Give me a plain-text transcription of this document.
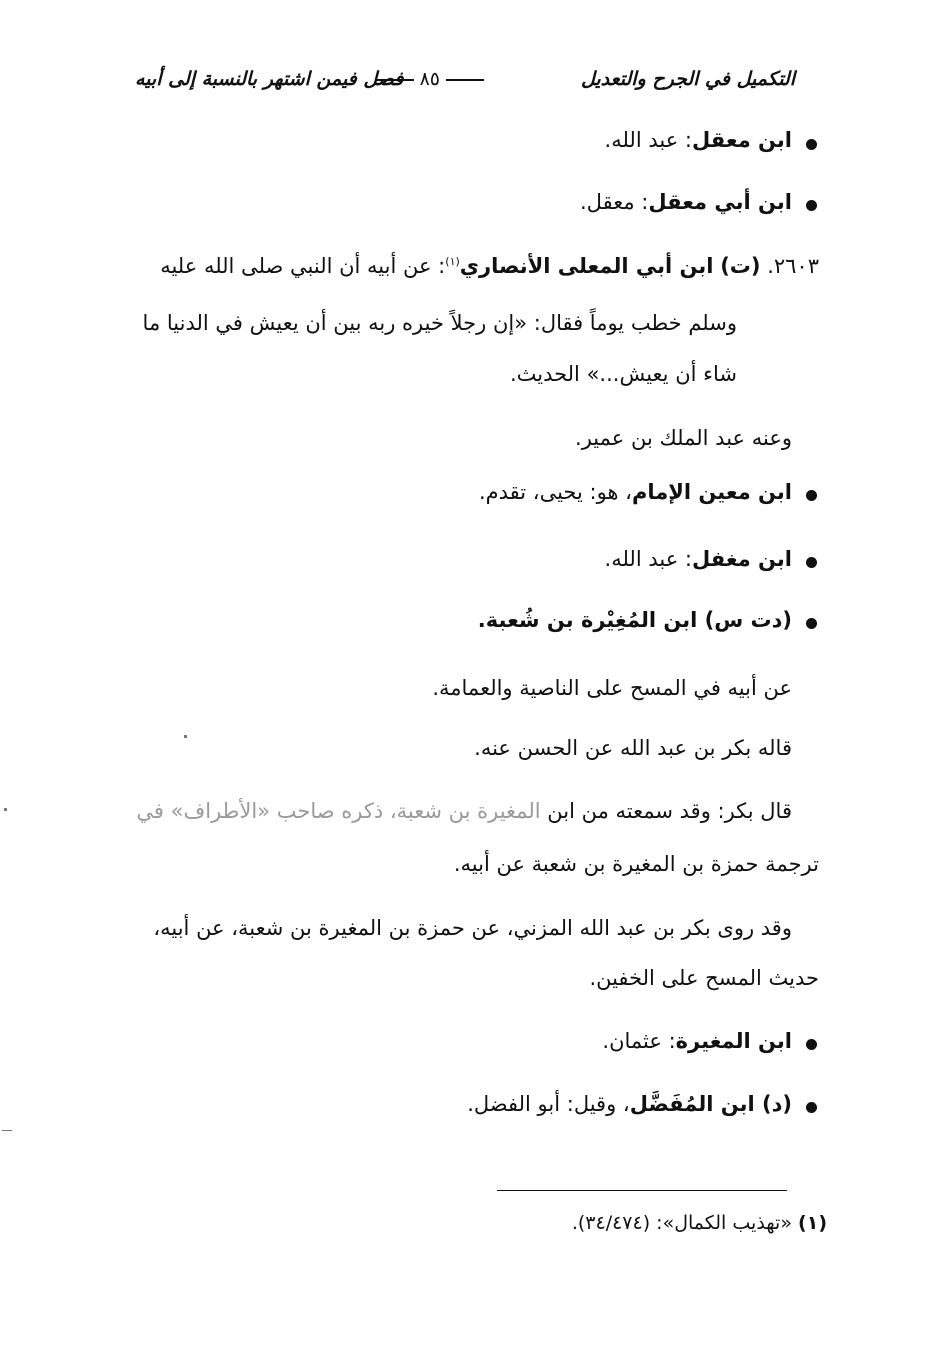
التكميل في الجرح والتعديل
٨٥
فصل فيمن اشتهر بالنسبة إلى أبيه
ابن معقل: عبد الله.
ابن أبي معقل: معقل.
٢٦٠٣. (ت) ابن أبي المعلى الأنصاري$^{(١)}$: عن أبيه أن النبي صلى الله عليه
وسلم خطب يوماً فقال: «إن رجلاً خيره ربه بين أن يعيش في الدنيا ما
شاء أن يعيش...» الحديث.
وعنه عبد الملك بن عمير.
ابن معين الإمام، هو: يحيى، تقدم.
ابن مغفل: عبد الله.
(دت س) ابن المُغِيْرة بن شُعبة.
عن أبيه في المسح على الناصية والعمامة.
قاله بكر بن عبد الله عن الحسن عنه.
قال بكر: وقد سمعته من ابن المغيرة بن شعبة، ذكره صاحب «الأطراف» في
ترجمة حمزة بن المغيرة بن شعبة عن أبيه.
وقد روى بكر بن عبد الله المزني، عن حمزة بن المغيرة بن شعبة، عن أبيه،
حديث المسح على الخفين.
ابن المغيرة: عثمان.
(د) ابن المُفَضَّل، وقيل: أبو الفضل.
(١) «تهذيب الكمال»: (٣٤/٤٧٤).
